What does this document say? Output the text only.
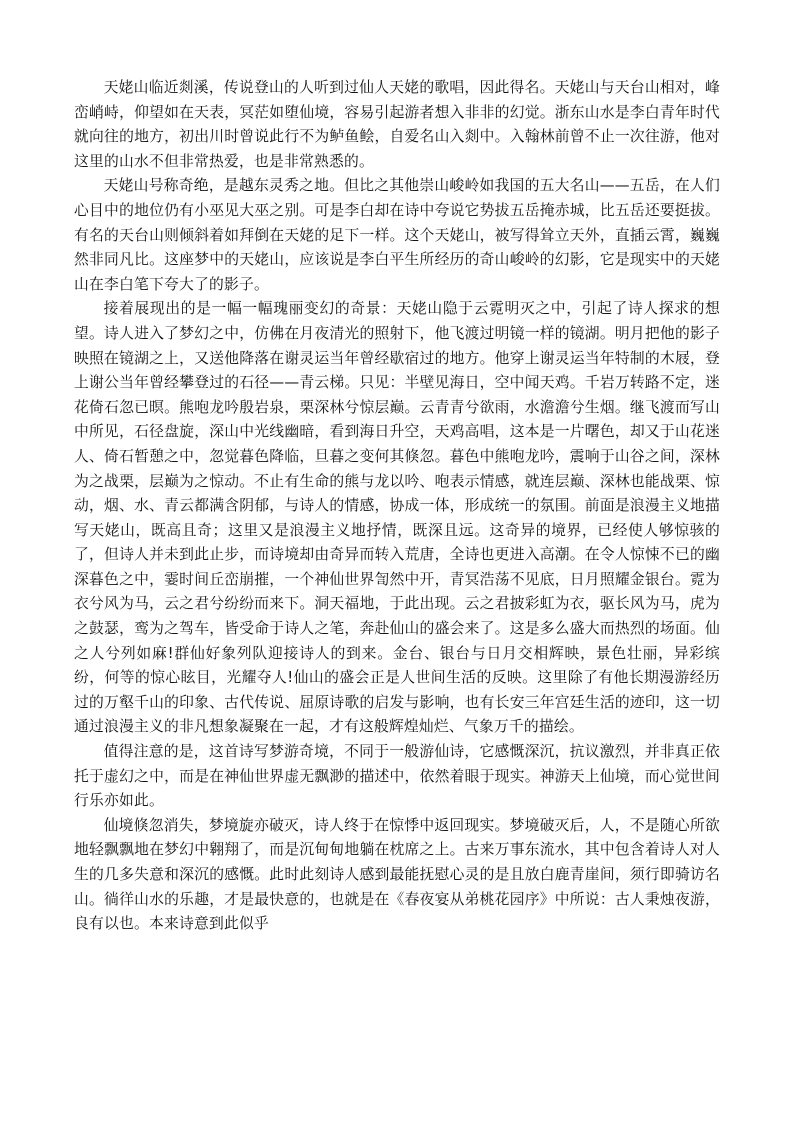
天姥山临近剡溪，传说登山的人听到过仙人天姥的歌唱，因此得名。天姥山与天台山相对，峰峦峭峙，仰望如在天表，冥茫如堕仙境，容易引起游者想入非非的幻觉。浙东山水是李白青年时代就向往的地方，初出川时曾说此行不为鲈鱼鲙，自爱名山入剡中。入翰林前曾不止一次往游，他对这里的山水不但非常热爱，也是非常熟悉的。

天姥山号称奇绝，是越东灵秀之地。但比之其他崇山峻岭如我国的五大名山——五岳，在人们心目中的地位仍有小巫见大巫之别。可是李白却在诗中夸说它势拔五岳掩赤城，比五岳还要挺拔。有名的天台山则倾斜着如拜倒在天姥的足下一样。这个天姥山，被写得耸立天外，直插云霄，巍巍然非同凡比。这座梦中的天姥山，应该说是李白平生所经历的奇山峻岭的幻影，它是现实中的天姥山在李白笔下夸大了的影子。

接着展现出的是一幅一幅瑰丽变幻的奇景：天姥山隐于云霓明灭之中，引起了诗人探求的想望。诗人进入了梦幻之中，仿佛在月夜清光的照射下，他飞渡过明镜一样的镜湖。明月把他的影子映照在镜湖之上，又送他降落在谢灵运当年曾经歇宿过的地方。他穿上谢灵运当年特制的木屐，登上谢公当年曾经攀登过的石径——青云梯。只见：半壁见海日，空中闻天鸡。千岩万转路不定，迷花倚石忽已暝。熊咆龙吟殷岩泉，栗深林兮惊层巅。云青青兮欲雨，水澹澹兮生烟。继飞渡而写山中所见，石径盘旋，深山中光线幽暗，看到海日升空，天鸡高唱，这本是一片曙色，却又于山花迷人、倚石暂憩之中，忽觉暮色降临，旦暮之变何其倏忽。暮色中熊咆龙吟，震响于山谷之间，深林为之战栗，层巅为之惊动。不止有生命的熊与龙以吟、咆表示情感，就连层巅、深林也能战栗、惊动，烟、水、青云都满含阴郁，与诗人的情感，协成一体，形成统一的氛围。前面是浪漫主义地描写天姥山，既高且奇；这里又是浪漫主义地抒情，既深且远。这奇异的境界，已经使人够惊骇的了，但诗人并未到此止步，而诗境却由奇异而转入荒唐，全诗也更进入高潮。在令人惊悚不已的幽深暮色之中，霎时间丘峦崩摧，一个神仙世界訇然中开，青冥浩荡不见底，日月照耀金银台。霓为衣兮风为马，云之君兮纷纷而来下。洞天福地，于此出现。云之君披彩虹为衣，驱长风为马，虎为之鼓瑟，鸾为之驾车，皆受命于诗人之笔，奔赴仙山的盛会来了。这是多么盛大而热烈的场面。仙之人兮列如麻!群仙好象列队迎接诗人的到来。金台、银台与日月交相辉映，景色壮丽，异彩缤纷，何等的惊心眩目，光耀夺人!仙山的盛会正是人世间生活的反映。这里除了有他长期漫游经历过的万壑千山的印象、古代传说、屈原诗歌的启发与影响，也有长安三年宫廷生活的迹印，这一切通过浪漫主义的非凡想象凝聚在一起，才有这般辉煌灿烂、气象万千的描绘。

值得注意的是，这首诗写梦游奇境，不同于一般游仙诗，它感慨深沉，抗议激烈，并非真正依托于虚幻之中，而是在神仙世界虚无飘渺的描述中，依然着眼于现实。神游天上仙境，而心觉世间行乐亦如此。

仙境倏忽消失，梦境旋亦破灭，诗人终于在惊悸中返回现实。梦境破灭后，人，不是随心所欲地轻飘飘地在梦幻中翱翔了，而是沉甸甸地躺在枕席之上。古来万事东流水，其中包含着诗人对人生的几多失意和深沉的感慨。此时此刻诗人感到最能抚慰心灵的是且放白鹿青崖间，须行即骑访名山。徜徉山水的乐趣，才是最快意的，也就是在《春夜宴从弟桃花园序》中所说：古人秉烛夜游，良有以也。本来诗意到此似乎
